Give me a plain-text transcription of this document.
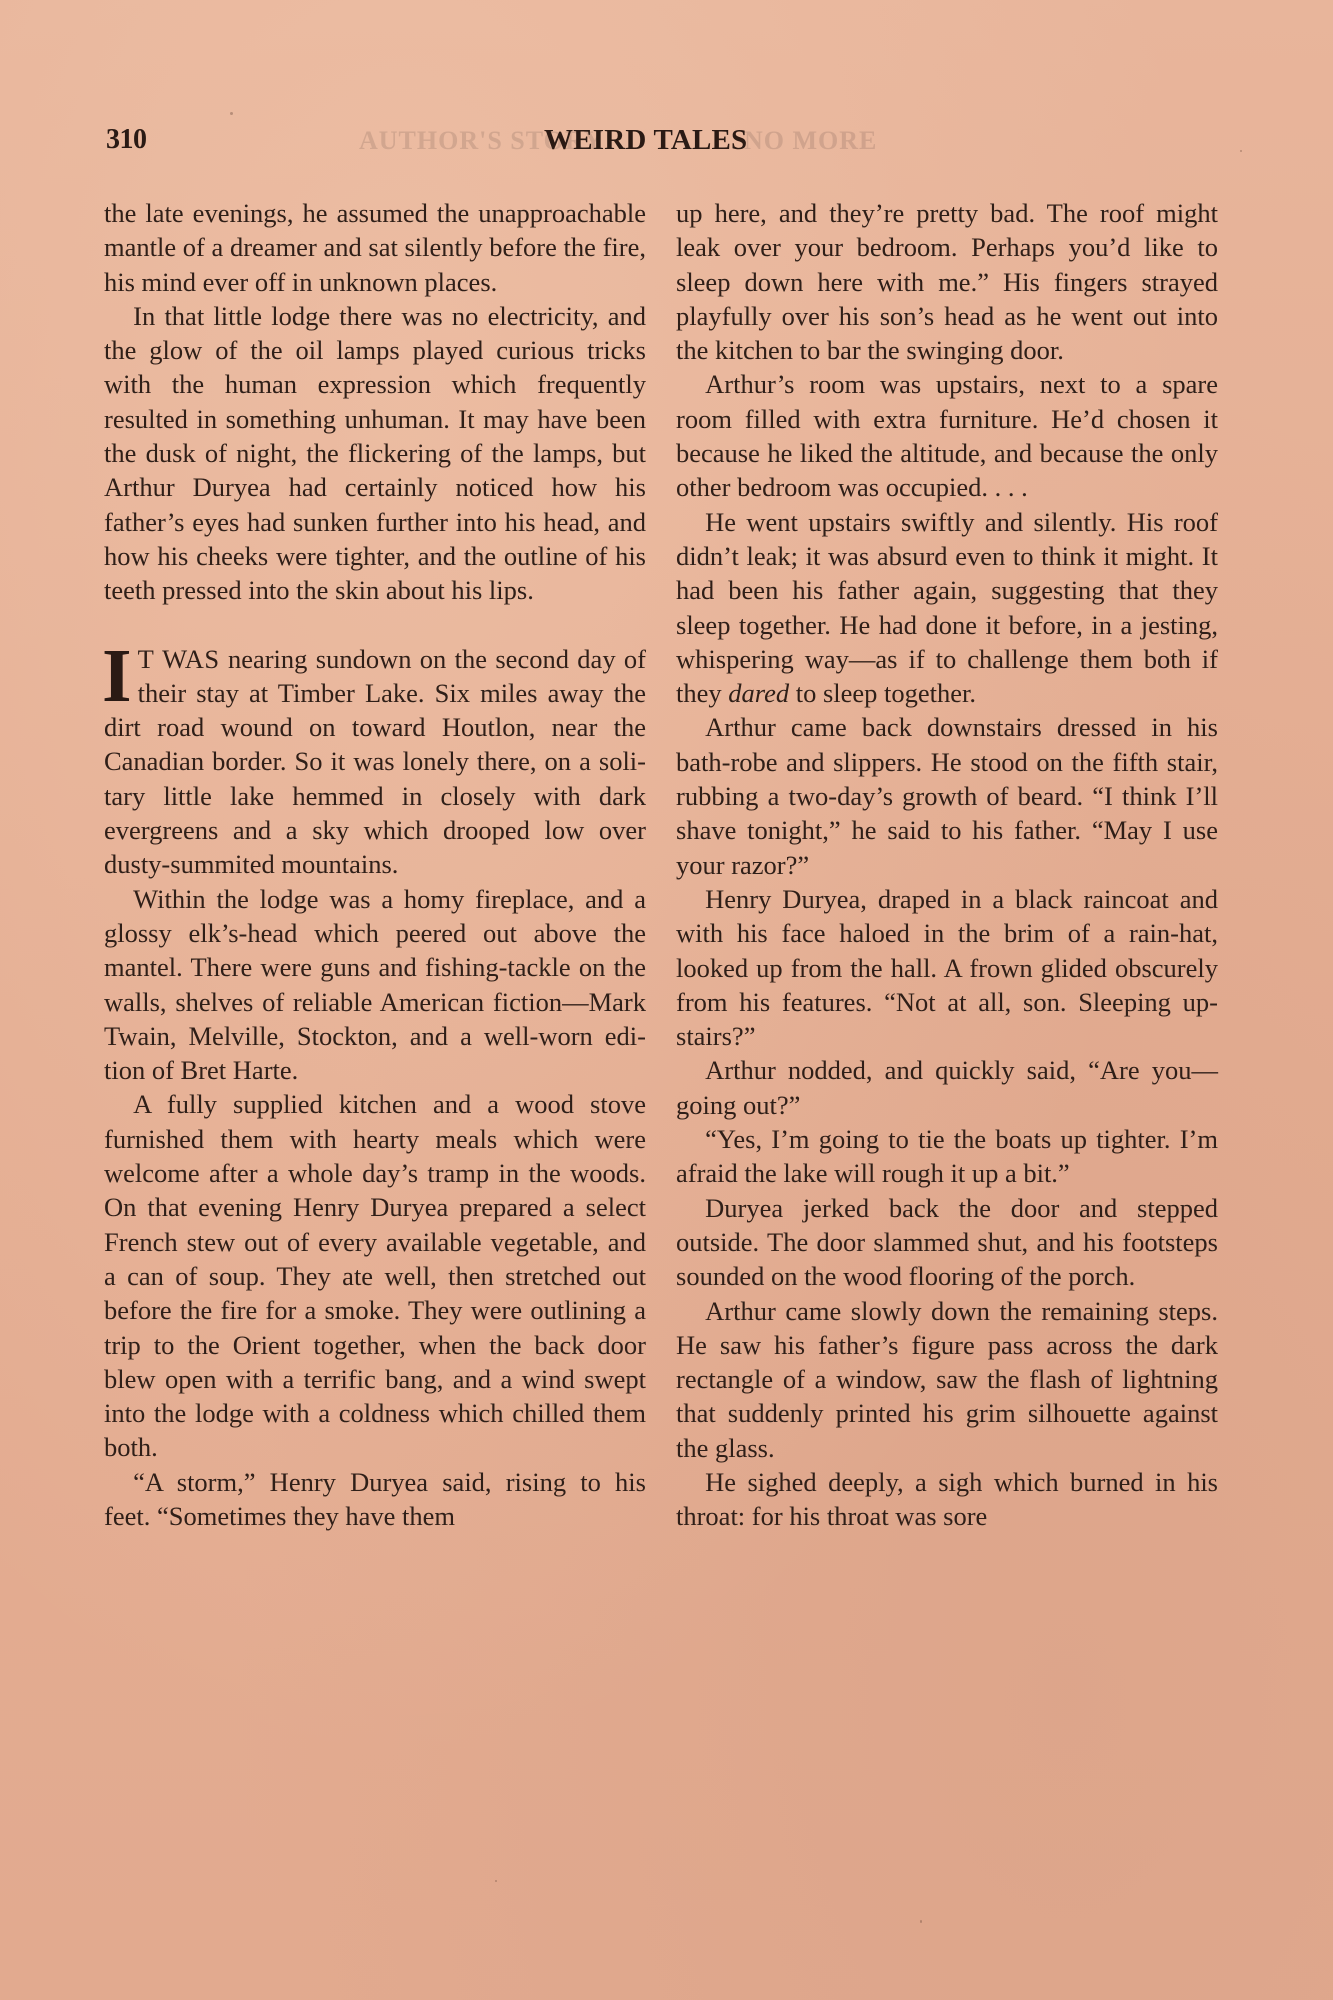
310	AUTHOR'S STORY
WEIRD TALES
NO MORE

the late evenings, he assumed the unapproachable mantle of a dreamer and sat silently before the fire, his mind ever off in unknown places.

In that little lodge there was no electricity, and the glow of the oil lamps played curious tricks with the human expression which frequently resulted in something unhuman. It may have been the dusk of night, the flickering of the lamps, but Arthur Duryea had certainly noticed how his father’s eyes had sunken further into his head, and how his cheeks were tighter, and the outline of his teeth pressed into the skin about his lips.

I T WAS nearing sundown on the second day of their stay at Timber Lake. Six miles away the dirt road wound on toward Houtlon, near the Canadian border. So it was lonely there, on a solitary little lake hemmed in closely with dark evergreens and a sky which drooped low over dusty-summited mountains.

Within the lodge was a homy fireplace, and a glossy elk’s-head which peered out above the mantel. There were guns and fishing-tackle on the walls, shelves of reliable American fiction—Mark Twain, Melville, Stockton, and a well-worn edition of Bret Harte.

A fully supplied kitchen and a wood stove furnished them with hearty meals which were welcome after a whole day’s tramp in the woods. On that evening Henry Duryea prepared a select French stew out of every available vegetable, and a can of soup. They ate well, then stretched out before the fire for a smoke. They were outlining a trip to the Orient together, when the back door blew open with a terrific bang, and a wind swept into the lodge with a coldness which chilled them both.

“A storm,” Henry Duryea said, rising to his feet. “Sometimes they have them

up here, and they’re pretty bad. The roof might leak over your bedroom. Perhaps you’d like to sleep down here with me.” His fingers strayed playfully over his son’s head as he went out into the kitchen to bar the swinging door.

Arthur’s room was upstairs, next to a spare room filled with extra furniture. He’d chosen it because he liked the altitude, and because the only other bedroom was occupied. . . .

He went upstairs swiftly and silently. His roof didn’t leak; it was absurd even to think it might. It had been his father again, suggesting that they sleep together. He had done it before, in a jesting, whispering way—as if to challenge them both if they dared to sleep together.

Arthur came back downstairs dressed in his bath-robe and slippers. He stood on the fifth stair, rubbing a two-day’s growth of beard. “I think I’ll shave tonight,” he said to his father. “May I use your razor?”

Henry Duryea, draped in a black raincoat and with his face haloed in the brim of a rain-hat, looked up from the hall. A frown glided obscurely from his features. “Not at all, son. Sleeping upstairs?”

Arthur nodded, and quickly said, “Are you—going out?”

“Yes, I’m going to tie the boats up tighter. I’m afraid the lake will rough it up a bit.”

Duryea jerked back the door and stepped outside. The door slammed shut, and his footsteps sounded on the wood flooring of the porch.

Arthur came slowly down the remaining steps. He saw his father’s figure pass across the dark rectangle of a window, saw the flash of lightning that suddenly printed his grim silhouette against the glass.

He sighed deeply, a sigh which burned in his throat: for his throat was sore
